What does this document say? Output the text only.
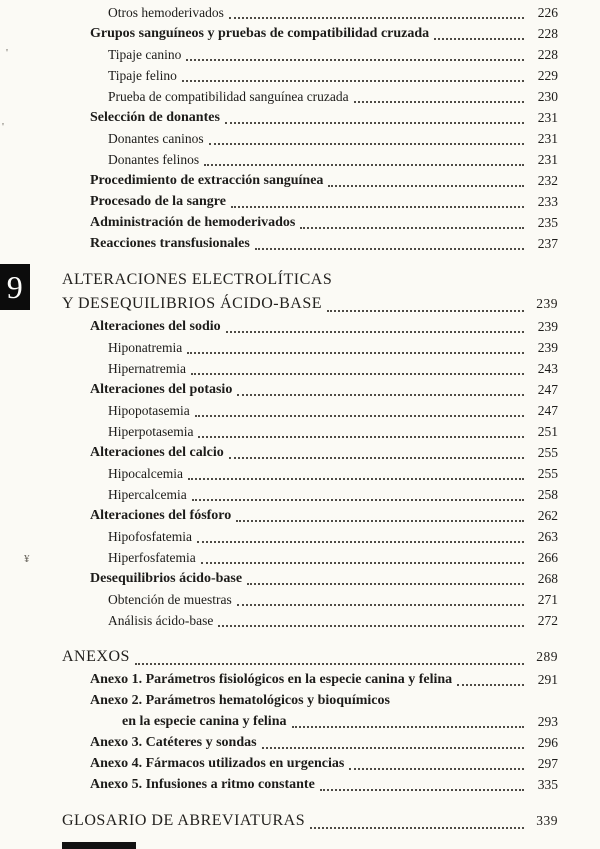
Otros hemoderivados	226
Grupos sanguíneos y pruebas de compatibilidad cruzada	228
Tipaje canino	228
Tipaje felino	229
Prueba de compatibilidad sanguínea cruzada	230
Selección de donantes	231
Donantes caninos	231
Donantes felinos	231
Procedimiento de extracción sanguínea	232
Procesado de la sangre	233
Administración de hemoderivados	235
Reacciones transfusionales	237
9	ALTERACIONES ELECTROLÍTICAS
Y DESEQUILIBRIOS ÁCIDO-BASE	239
Alteraciones del sodio	239
Hiponatremia	239
Hipernatremia	243
Alteraciones del potasio	247
Hipopotasemia	247
Hiperpotasemia	251
Alteraciones del calcio	255
Hipocalcemia	255
Hipercalcemia	258
Alteraciones del fósforo	262
Hipofosfatemia	263
Hiperfosfatemia	266
Desequilibrios ácido-base	268
Obtención de muestras	271
Análisis ácido-base	272
ANEXOS	289
Anexo 1. Parámetros fisiológicos en la especie canina y felina	291
Anexo 2. Parámetros hematológicos y bioquímicos
en la especie canina y felina	293
Anexo 3. Catéteres y sondas	296
Anexo 4. Fármacos utilizados en urgencias	297
Anexo 5. Infusiones a ritmo constante	335
GLOSARIO DE ABREVIATURAS	339
'
'
¥
